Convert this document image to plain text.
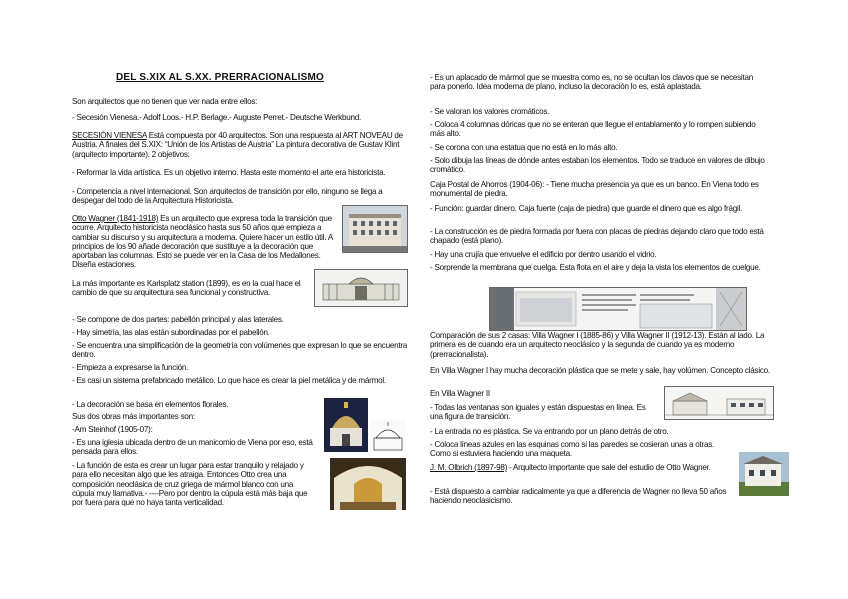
DEL S.XIX AL S.XX. PRERRACIONALISMO
Son arquitectos que no tienen que ver nada entre ellos:
- Secesión Vienesa.- Adolf Loos.- H.P. Berlage.- Auguste Perret.- Deutsche Werkbund.
SECESIÓN VIENESA Está compuesta por 40 arquitectos. Son una respuesta al ART NOVEAU de Austria. A finales del S.XIX: “Unión de los Artistas de Austria” La pintura decorativa de Gustav Klint (arquitecto importante). 2 objetivos:
- Reformar la vida artística. Es un objetivo interno. Hasta este momento el arte era historicista.
- Competencia a nivel internacional. Son arquitectos de transición por ello, ninguno se llega a despegar del todo de la Arquitectura Historicista.
Otto Wagner (1841-1918) Es un arquitecto que expresa toda la transición que ocurre. Arquitecto historicista neoclásico hasta sus 50 años que empieza a cambiar su discurso y su arquitectura a moderna. Quiere hacer un estilo útil. A principios de los 90 añade decoración que sustituye a la decoración que aportaban las columnas. Esto se puede ver en la Casa de los Medallones. Diseña estaciones.
La más importante es Karlsplatz station (1899), es en la cual hace el cambio de que su arquitectura sea funcional y constructiva.
- Se compone de dos partes: pabellón principal y alas laterales.
- Hay simetría, las alas están subordinadas por el pabellón.
- Se encuentra una simplificación de la geometría con volúmenes que expresan lo que se encuentra dentro.
- Empieza a expresarse la función.
- Es casi un sistema prefabricado metálico. Lo que hace es crear la piel metálica y de mármol.
- La decoración se basa en elementos florales.
Sus dos obras más importantes son:
-Am Steinhof (1905-07):
- Es una iglesia ubicada dentro de un manicomio de Viena por eso, está pensada para ellos.
- La función de esta es crear un lugar para estar tranquilo y relajado y para ello necesitan algo que les atraiga. Entonces Otto crea una composición neoclásica de cruz griega de mármol blanco con una cúpula muy llamativa.- ----Pero por dentro la cúpula está más baja que por fuera para que no haya tanta verticalidad.
- Es un aplacado de mármol que se muestra como es, no se ocultan los clavos que se necesitan para ponerlo. Idea moderna de plano, incluso la decoración lo es, está aplastada.
- Se valoran los valores cromáticos.
- Coloca 4 columnas dóricas que no se enteran que llegue el entablamento y lo rompen subiendo más alto.
- Se corona con una estatua que no está en lo más alto.
- Solo dibuja las líneas de dónde antes estaban los elementos. Todo se traduce en valores de dibujo cromático.
Caja Postal de Ahorros (1904-06): - Tiene mucha presencia ya que es un banco. En Viena todo es monumental de piedra.
- Función: guardar dinero. Caja fuerte (caja de piedra) que guarde el dinero que es algo frágil.
- La construcción es de piedra formada por fuera con placas de piedras dejando claro que todo está chapado (está plano).
- Hay una crujía que envuelve el edificio por dentro usando el vidrio.
- Sorprende la membrana que cuelga. Esta flota en el aire y deja la vista los elementos de cuelgue.
Comparación de sus 2 casas: Villa Wagner I (1885-86) y Villa Wagner II (1912-13). Están al lado. La primera es de cuando era un arquitecto neoclásico y la segunda de cuando ya es moderno (prerracionalista).
En Villa Wagner I hay mucha decoración plástica que se mete y sale, hay volúmen. Concepto clásico.
En Villa Wagner II
- Todas las ventanas son iguales y están dispuestas en línea. Es una figura de transición.
- La entrada no es plástica. Se va entrando por un plano detrás de otro.
- Coloca líneas azules en las esquinas como si las paredes se cosieran unas a otras. Como si estuviera haciendo una maqueta.
J. M. Olbrich (1897-98) - Arquitecto importante que sale del estudio de Otto Wagner.
- Está dispuesto a cambiar radicalmente ya que a diferencia de Wagner no lleva 50 años haciendo neoclasicismo.
